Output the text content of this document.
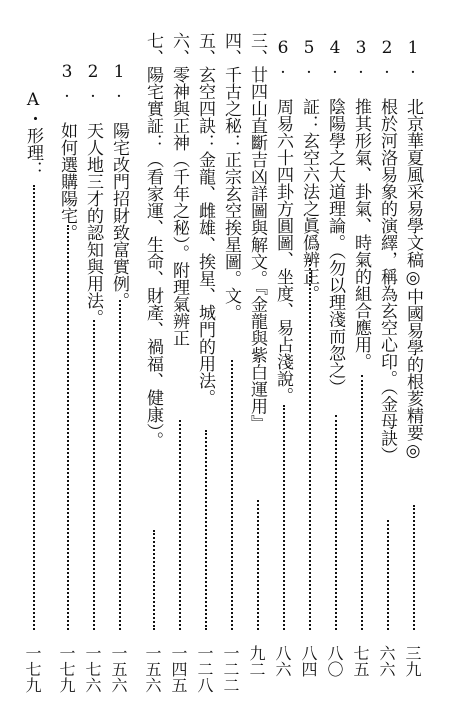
1. 北京華夏風采易學文稿◎中國易學的根荄精要◎
三九
2. 根於河洛易象的演繹，稱為玄空心印。（金母訣）
六六
3. 推其形氣、卦氣、時氣的組合應用。
七五
4. 陰陽學之大道理論。（勿以理淺而忽之）
八〇
5. 証：玄空六法之眞僞辨正。
八四
6. 周易六十四卦方圓圖、坐度、易占淺說。
八六
三、廿四山直斷吉凶詳圖與解文。『金龍與紫白運用』
九二
四、千古之秘：正宗玄空挨星圖。文。
一二二
五、玄空四訣：金龍、雌雄、挨星、城門的用法。
一二八
六、零神與正神（千年之秘）。附理氣辨正
一四五
七、陽宅實証：（看家運、生命、財產、禍福、健康）。
一五六
1. 陽宅改門招財致富實例。
一五六
2. 天人地三才的認知與用法。
一七六
3. 如何選購陽宅。
一七九
A・形理：
一七九
